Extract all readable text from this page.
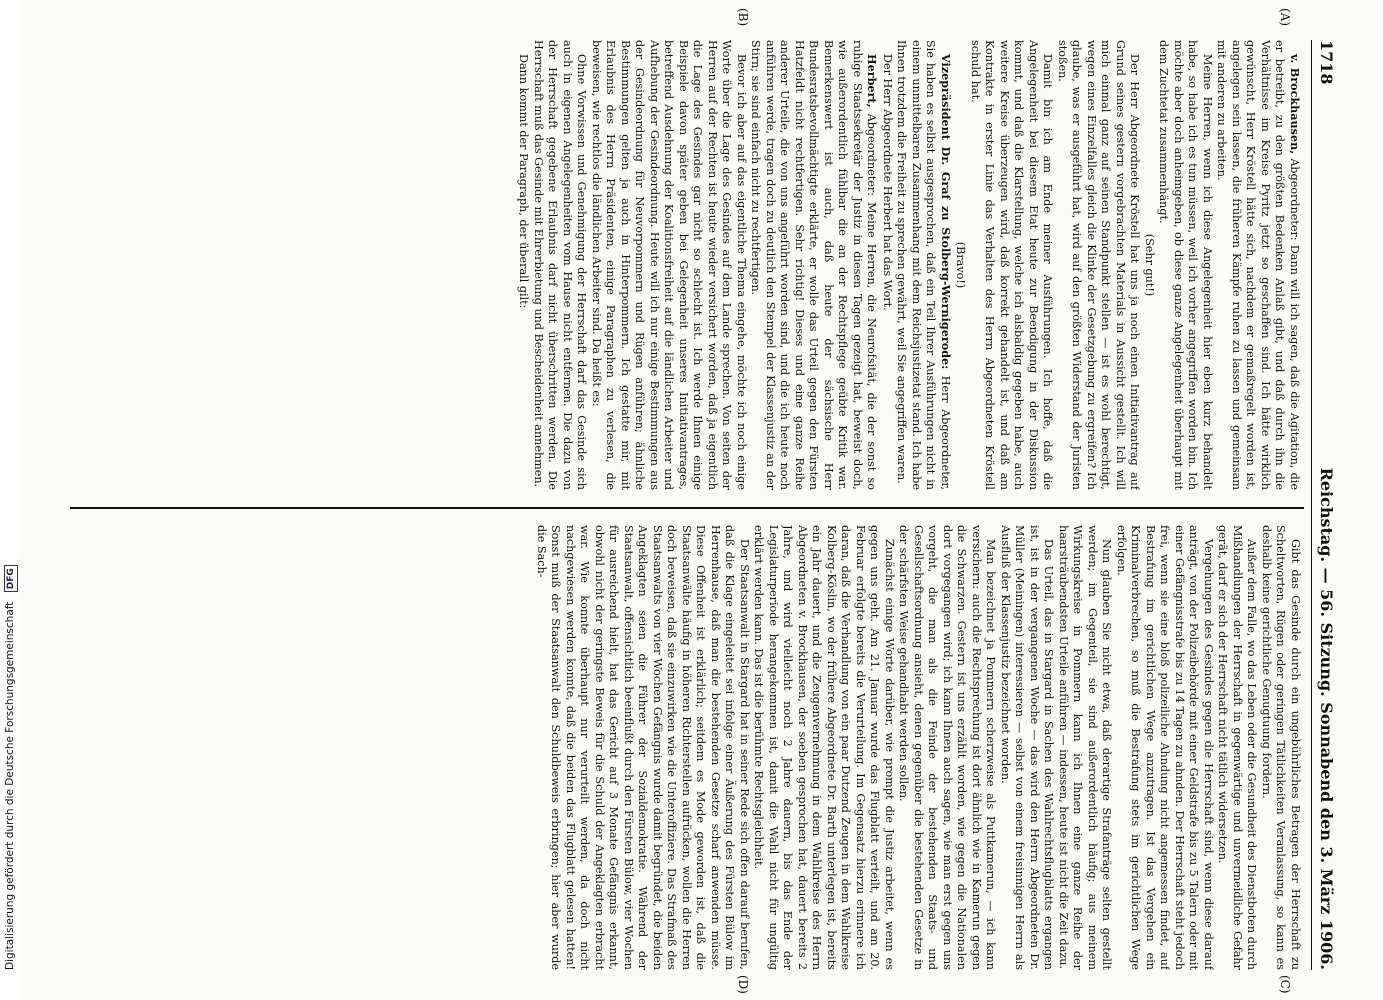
1718
Reichstag. — 56. Sitzung. Sonnabend den 3. März 1906.
(A)
(B)
(C)
(D)

v. Brockhausen, Abgeordneter: Dann will ich sagen, daß die Agitation, die er betreibt, zu den größten Bedenken Anlaß gibt, und daß durch ihn die Verhältnisse im Kreise Pyritz jetzt so geschaffen sind. Ich hätte wirklich gewünscht, Herr Kröstell hätte sich, nachdem er gemaßregelt worden ist, angelegen sein lassen, die früheren Kämpfe ruhen zu lassen und gemeinsam mit anderen zu arbeiten.

Meine Herren, wenn ich diese Angelegenheit hier eben kurz behandelt habe, so habe ich es tun müssen, weil ich vorher angegriffen worden bin. Ich möchte aber doch anheimgeben, ob diese ganze Angelegenheit überhaupt mit dem Zuchtetat zusammenhängt.

(Sehr gut!)

Der Herr Abgeordnete Kröstell hat uns ja noch einen Initiativantrag auf Grund seines gestern vorgebrachten Materials in Aussicht gestellt. Ich will mich einmal ganz auf seinen Standpunkt stellen — ist es wohl berechtigt, wegen eines Einzelfalles gleich die Klinke der Gesetzgebung zu ergreifen? Ich glaube, was er ausgeführt hat, wird auf den größten Widerstand der Juristen stoßen.

Damit bin ich am Ende meiner Ausführungen. Ich hoffe, daß die Angelegenheit bei diesem Etat heute zur Beendigung in der Diskussion kommt, und daß die Klarstellung, welche ich alsbaldig gegeben habe, auch weitere Kreise überzeugen wird, daß korrekt gehandelt ist, und daß am Kontrakte in erster Linie das Verhalten des Herrn Abgeordneten Kröstell schuld hat.

(Bravo!)

Vizepräsident Dr. Graf zu Stolberg-Wernigerode: Herr Abgeordneter, Sie haben es selbst ausgesprochen, daß ein Teil Ihrer Ausführungen nicht in einem unmittelbaren Zusammenhang mit dem Reichsjustizetat stand. Ich habe Ihnen trotzdem die Freiheit zu sprechen gewährt, weil Sie angegriffen waren.

Der Herr Abgeordnete Herbert hat das Wort.

Herbert, Abgeordneter: Meine Herren, die Neurofsität, die der sonst so ruhige Staatssekretär der Justiz in diesen Tagen gezeigt hat, beweist doch, wie außerordentlich fühlbar die an der Rechtspflege geübte Kritik war. Bemerkenswert ist auch, daß heute der sächsische Herr Bundesratsbevollmächtigte erklärte, er wolle das Urteil gegen den Fürsten Hatzfeldt nicht rechtfertigen. Sehr richtig! Dieses und eine ganze Reihe anderer Urteile, die von uns angeführt worden sind, und die ich heute noch anführen werde, tragen doch zu deutlich den Stempel der Klassenjustiz an der Stirn; sie sind einfach nicht zu rechtfertigen.

Bevor ich aber auf das eigentliche Thema eingehe, möchte ich noch einige Worte über die Lage des Gesindes auf dem Lande sprechen. Von seiten der Herren auf der Rechten ist heute wieder versichert worden, daß ja eigentlich die Lage des Gesindes gar nicht so schlecht ist. Ich werde Ihnen einige Beispiele davon später geben bei Gelegenheit unseres Initiativantrages, betreffend Ausdehnung der Koalitionsfreiheit auf die ländlichen Arbeiter und Aufhebung der Gesindeordnung. Heute will ich nur einige Bestimmungen aus der Gesindeordnung für Neuvorpommern und Rügen anführen; ähnliche Bestimmungen gelten ja auch in Hinterpommern. Ich gestatte mir, mit Erlaubnis des Herrn Präsidenten, einige Paragraphen zu verlesen, die beweisen, wie rechtlos die ländlichen Arbeiter sind. Da heißt es:

Ohne Vorwissen und Genehmigung der Herrschaft darf das Gesinde sich auch in eigenen Angelegenheiten vom Hause nicht entfernen. Die dazu von der Herrschaft gegebene Erlaubnis darf nicht überschritten werden. Die Herrschaft muß das Gesinde mit Ehrerbietung und Bescheidenheit annehmen.

Dann kommt der Paragraph, der überall gilt:

Gibt das Gesinde durch ein ungebührliches Betragen der Herrschaft zu Scheltworten, Rügen oder geringen Tätlichkeiten Veranlassung, so kann es deshalb keine gerichtliche Genugtuung fordern.

Außer dem Falle, wo das Leben oder die Gesundheit des Dienstboten durch Mißhandlungen der Herrschaft in gegenwärtige und unvermeidliche Gefahr gerät, darf er sich der Herrschaft nicht tätlich widersetzen.

Vergehungen des Gesindes gegen die Herrschaft sind, wenn diese darauf anträgt, von der Polizeibehörde mit einer Geldstrafe bis zu 5 Talern oder mit einer Gefängnisstrafe bis zu 14 Tagen zu ahnden. Der Herrschaft steht jedoch frei, wenn sie eine bloß polizeiliche Ahndung nicht angemessen findet, auf Bestrafung im gerichtlichen Wege anzutragen. Ist das Vergehen ein Kriminalverbrechen, so muß die Bestrafung stets im gerichtlichen Wege erfolgen.

Nun glauben Sie nicht etwa, daß derartige Strafanträge selten gestellt werden; im Gegenteil, sie sind außerordentlich häufig; aus meinem Wirkungskreise in Pommern kann ich Ihnen eine ganze Reihe der haarsträubendsten Urteile anführen — indessen, heute ist nicht die Zeit dazu.

Das Urteil, das in Stargard in Sachen des Wahlrechtsflugblatts ergangen ist, ist in der vergangenen Woche — das wird den Herrn Abgeordneten Dr. Müller (Meiningen) interessieren — selbst von einem freisinnigen Herrn als Ausfluß der Klassenjustiz bezeichnet worden.

Man bezeichnet ja Pommern scherzweise als Puttkamerun, — ich kann versichern: auch die Rechtsprechung ist dort ähnlich wie in Kamerun gegen die Schwarzen. Gestern ist uns erzählt worden, wie gegen die Nationalen dort vorgegangen wird; ich kann Ihnen auch sagen, wie man erst gegen uns vorgeht, die man als die Feinde der bestehenden Staats- und Gesellschaftsordnung ansieht, denen gegenüber die bestehenden Gesetze in der schärfsten Weise gehandhabt werden sollen.

Zunächst einige Worte darüber, wie prompt die Justiz arbeitet, wenn es gegen uns geht. Am 21. Januar wurde das Flugblatt verteilt, und am 20. Februar erfolgte bereits die Verurteilung. Im Gegensatz hierzu erinnere ich daran, daß die Verhandlung von ein paar Dutzend Zeugen in dem Wahlkreise Kolberg-Köslin, wo der frühere Abgeordnete Dr. Barth unterlegen ist, bereits ein Jahr dauert, und die Zeugenvernehmung in dem Wahlkreise des Herrn Abgeordneten v. Brockhausen, der soeben gesprochen hat, dauert bereits 2 Jahre, und wird vielleicht noch 2 Jahre dauern, bis das Ende der Legislaturperiode herangekommen ist, damit die Wahl nicht für ungültig erklärt werden kann. Das ist die berühmte Rechtsgleichheit.

Der Staatsanwalt in Stargard hat in seiner Rede sich offen darauf berufen, daß die Klage eingeleitet sei infolge einer Äußerung des Fürsten Bülow im Herrenhause, daß man die bestehenden Gesetze scharf anwenden müsse. Diese Offenheit ist erklärlich; seitdem es Mode geworden ist, daß die Staatsanwälte häufig in höheren Richterstellen aufrücken, wollen die Herren doch beweisen, daß sie einzuwirken wie die Unteroffiziere. Das Strafmaß des Staatsanwalts von vier Wochen Gefängnis wurde damit begründet, die beiden Angeklagten seien die Führer der Sozialdemokratie. Während der Staatsanwalt, offensichtlich beeinflußt durch den Fürsten Bülow, vier Wochen für ausreichend hielt, hat das Gericht auf 3 Monate Gefängnis erkannt, obwohl nicht der geringste Beweis für die Schuld der Angeklagten erbracht war. Wie konnte überhaupt nur verurteilt werden, da doch nicht nachgewiesen werden konnte, daß die beiden das Flugblatt gelesen hatten! Sonst muß der Staatsanwalt den Schuldbeweis erbringen; hier aber wurde die Sach-

Digitalisierung gefördert durch die Deutsche Forschungsgemeinschaft DFG
